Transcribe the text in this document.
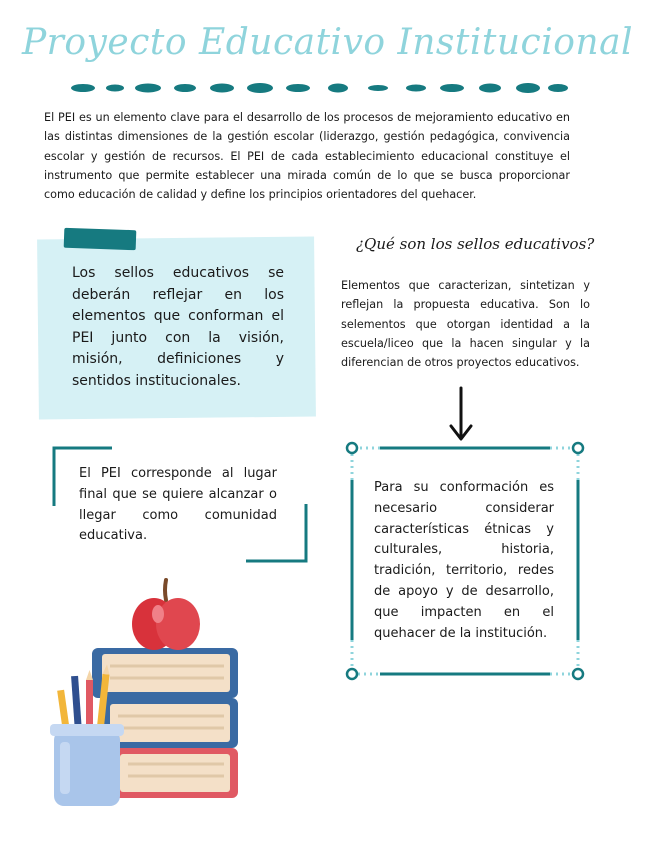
Proyecto Educativo Institucional

El PEI es un elemento clave para el desarrollo de los procesos de mejoramiento educativo en las distintas dimensiones de la gestión escolar (liderazgo, gestión pedagógica, convivencia escolar y gestión de recursos. El PEI de cada establecimiento educacional constituye el instrumento que permite establecer una mirada común de lo que se busca proporcionar como educación de calidad y define los principios orientadores del quehacer.

Los sellos educativos se deberán reflejar en los elementos que conforman el PEI junto con la visión, misión, definiciones y sentidos institucionales.

¿Qué son los sellos educativos?

Elementos que caracterizan, sintetizan y reflejan la propuesta educativa. Son lo selementos que otorgan identidad a la escuela/liceo que la hacen singular y la diferencian de otros proyectos educativos.

El PEI corresponde al lugar final que se quiere alcanzar o llegar como comunidad educativa.

Para su conformación es necesario considerar características étnicas y culturales, historia, tradición, territorio, redes de apoyo y de desarrollo, que impacten en el quehacer de la institución.
